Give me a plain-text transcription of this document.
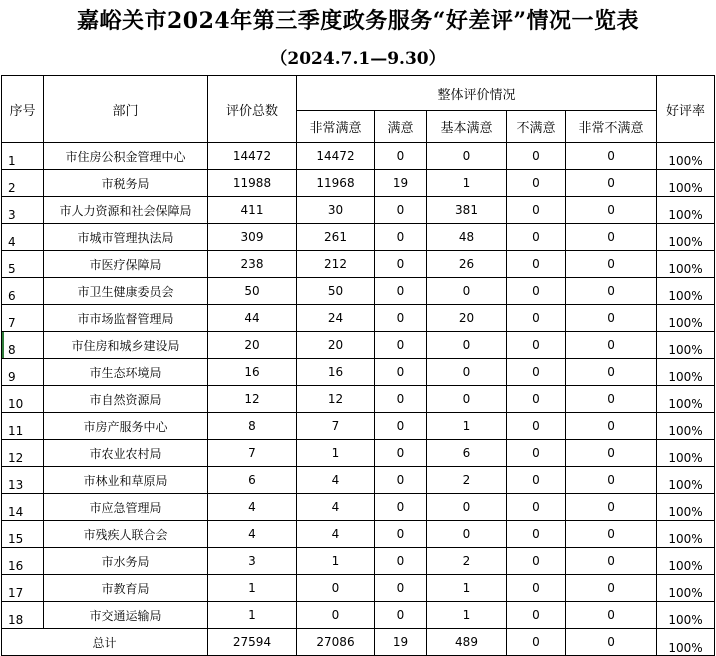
嘉峪关市2024年第三季度政务服务“好差评”情况一览表
（2024.7.1—9.30）
序号	部门	评价总数	整体评价情况					好评率
			非常满意	满意	基本满意	不满意	非常不满意	
1	市住房公积金管理中心	14472	14472	0	0	0	0	100%
2	市税务局	11988	11968	19	1	0	0	100%
3	市人力资源和社会保障局	411	30	0	381	0	0	100%
4	市城市管理执法局	309	261	0	48	0	0	100%
5	市医疗保障局	238	212	0	26	0	0	100%
6	市卫生健康委员会	50	50	0	0	0	0	100%
7	市市场监督管理局	44	24	0	20	0	0	100%
8	市住房和城乡建设局	20	20	0	0	0	0	100%
9	市生态环境局	16	16	0	0	0	0	100%
10	市自然资源局	12	12	0	0	0	0	100%
11	市房产服务中心	8	7	0	1	0	0	100%
12	市农业农村局	7	1	0	6	0	0	100%
13	市林业和草原局	6	4	0	2	0	0	100%
14	市应急管理局	4	4	0	0	0	0	100%
15	市残疾人联合会	4	4	0	0	0	0	100%
16	市水务局	3	1	0	2	0	0	100%
17	市教育局	1	0	0	1	0	0	100%
18	市交通运输局	1	0	0	1	0	0	100%
总计		27594	27086	19	489	0	0	100%
